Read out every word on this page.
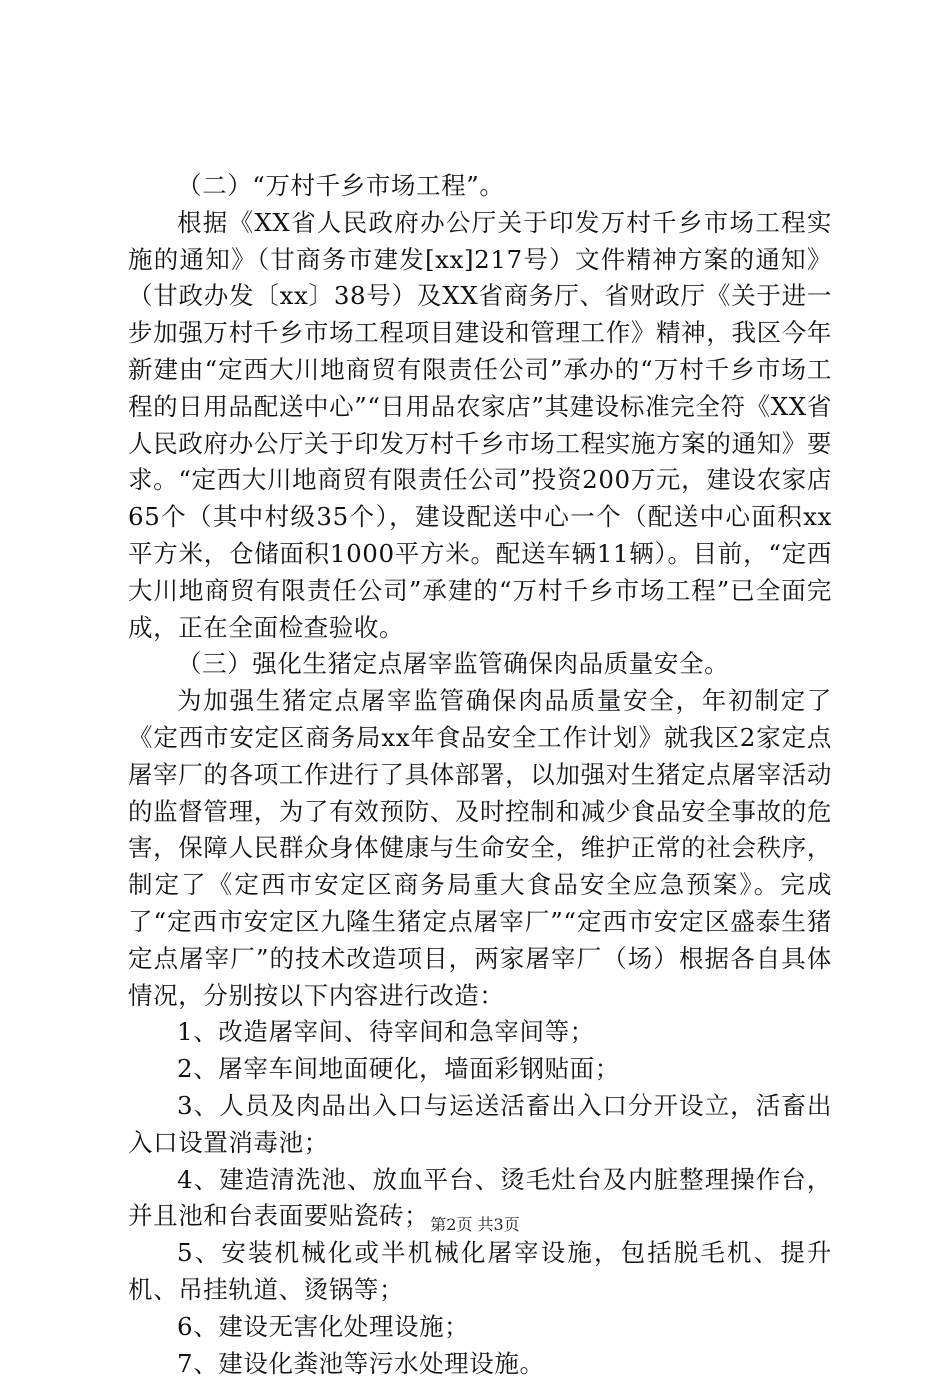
（二）“万村千乡市场工程”。

根据《XX省人民政府办公厅关于印发万村千乡市场工程实施的通知》（甘商务市建发[xx]217号）文件精神方案的通知》（甘政办发〔xx〕38号）及XX省商务厅、省财政厅《关于进一步加强万村千乡市场工程项目建设和管理工作》精神，我区今年新建由“定西大川地商贸有限责任公司”承办的“万村千乡市场工程的日用品配送中心”“日用品农家店”其建设标准完全符《XX省人民政府办公厅关于印发万村千乡市场工程实施方案的通知》要求。“定西大川地商贸有限责任公司”投资200万元，建设农家店65个（其中村级35个），建设配送中心一个（配送中心面积xx平方米，仓储面积1000平方米。配送车辆11辆）。目前，“定西大川地商贸有限责任公司”承建的“万村千乡市场工程”已全面完成，正在全面检查验收。

（三）强化生猪定点屠宰监管确保肉品质量安全。

为加强生猪定点屠宰监管确保肉品质量安全，年初制定了《定西市安定区商务局xx年食品安全工作计划》就我区2家定点屠宰厂的各项工作进行了具体部署，以加强对生猪定点屠宰活动的监督管理，为了有效预防、及时控制和减少食品安全事故的危害，保障人民群众身体健康与生命安全，维护正常的社会秩序，制定了《定西市安定区商务局重大食品安全应急预案》。完成了“定西市安定区九隆生猪定点屠宰厂”“定西市安定区盛泰生猪定点屠宰厂”的技术改造项目，两家屠宰厂（场）根据各自具体情况，分别按以下内容进行改造：

1、改造屠宰间、待宰间和急宰间等；

2、屠宰车间地面硬化，墙面彩钢贴面；

3、人员及肉品出入口与运送活畜出入口分开设立，活畜出入口设置消毒池；

4、建造清洗池、放血平台、烫毛灶台及内脏整理操作台，并且池和台表面要贴瓷砖；

5、安装机械化或半机械化屠宰设施，包括脱毛机、提升机、吊挂轨道、烫锅等；

6、建设无害化处理设施；

7、建设化粪池等污水处理设施。

第2页 共3页
